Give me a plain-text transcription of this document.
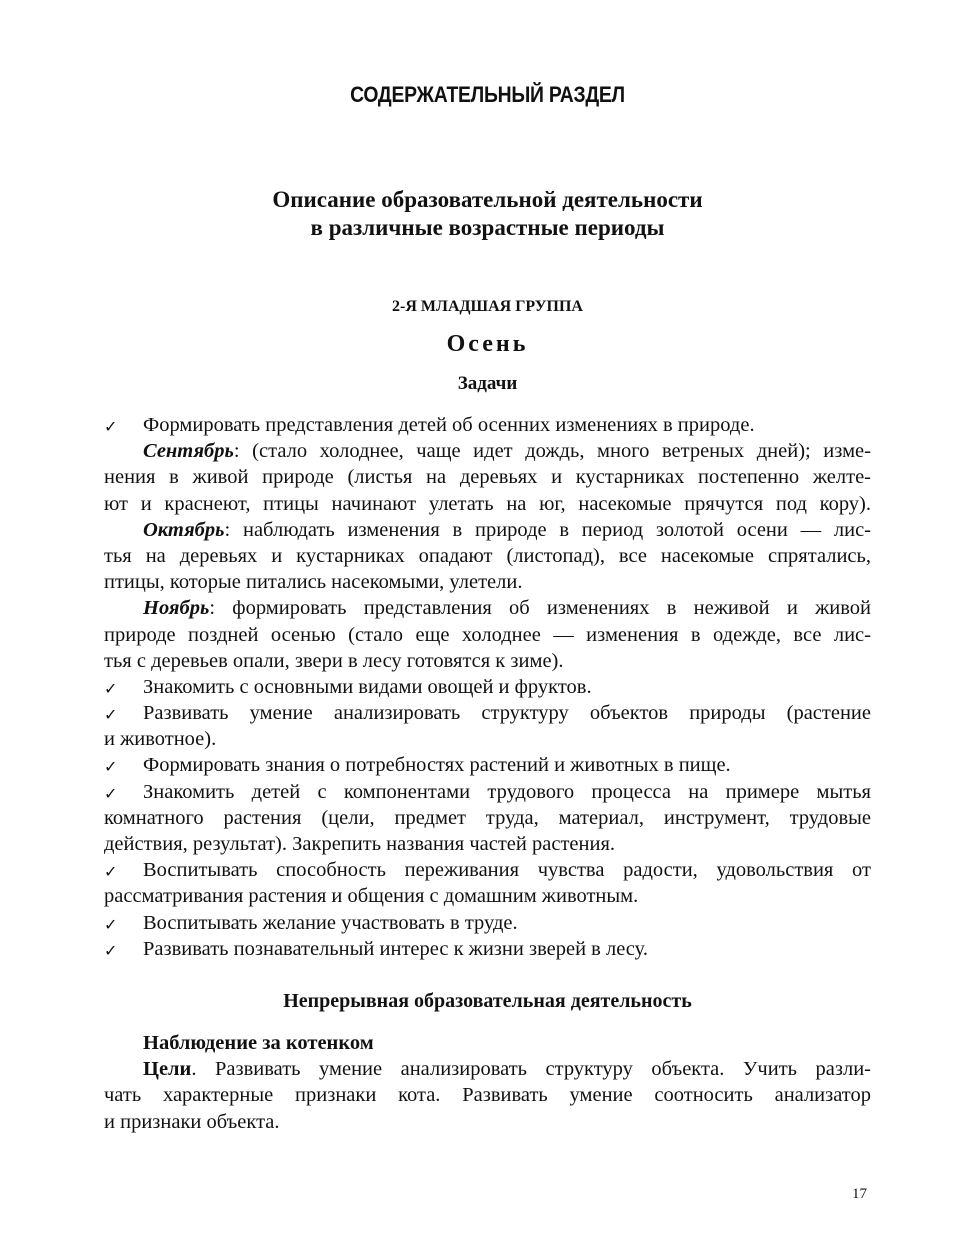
СОДЕРЖАТЕЛЬНЫЙ РАЗДЕЛ
Описание образовательной деятельности
в различные возрастные периоды
2-Я МЛАДШАЯ ГРУППА
Осень
Задачи
✓ Формировать представления детей об осенних изменениях в природе.
Сентябрь: (стало холоднее, чаще идет дождь, много ветреных дней); изме-
нения в живой природе (листья на деревьях и кустарниках постепенно желте-
ют и краснеют, птицы начинают улетать на юг, насекомые прячутся под кору).
Октябрь: наблюдать изменения в природе в период золотой осени — лис-
тья на деревьях и кустарниках опадают (листопад), все насекомые спрятались,
птицы, которые питались насекомыми, улетели.
Ноябрь: формировать представления об изменениях в неживой и живой
природе поздней осенью (стало еще холоднее — изменения в одежде, все лис-
тья с деревьев опали, звери в лесу готовятся к зиме).
✓ Знакомить с основными видами овощей и фруктов.
✓ Развивать умение анализировать структуру объектов природы (растение
и животное).
✓ Формировать знания о потребностях растений и животных в пище.
✓ Знакомить детей с компонентами трудового процесса на примере мытья
комнатного растения (цели, предмет труда, материал, инструмент, трудовые
действия, результат). Закрепить названия частей растения.
✓ Воспитывать способность переживания чувства радости, удовольствия от
рассматривания растения и общения с домашним животным.
✓ Воспитывать желание участвовать в труде.
✓ Развивать познавательный интерес к жизни зверей в лесу.
Непрерывная образовательная деятельность
Наблюдение за котенком
Цели. Развивать умение анализировать структуру объекта. Учить разли-
чать характерные признаки кота. Развивать умение соотносить анализатор
и признаки объекта.
17
